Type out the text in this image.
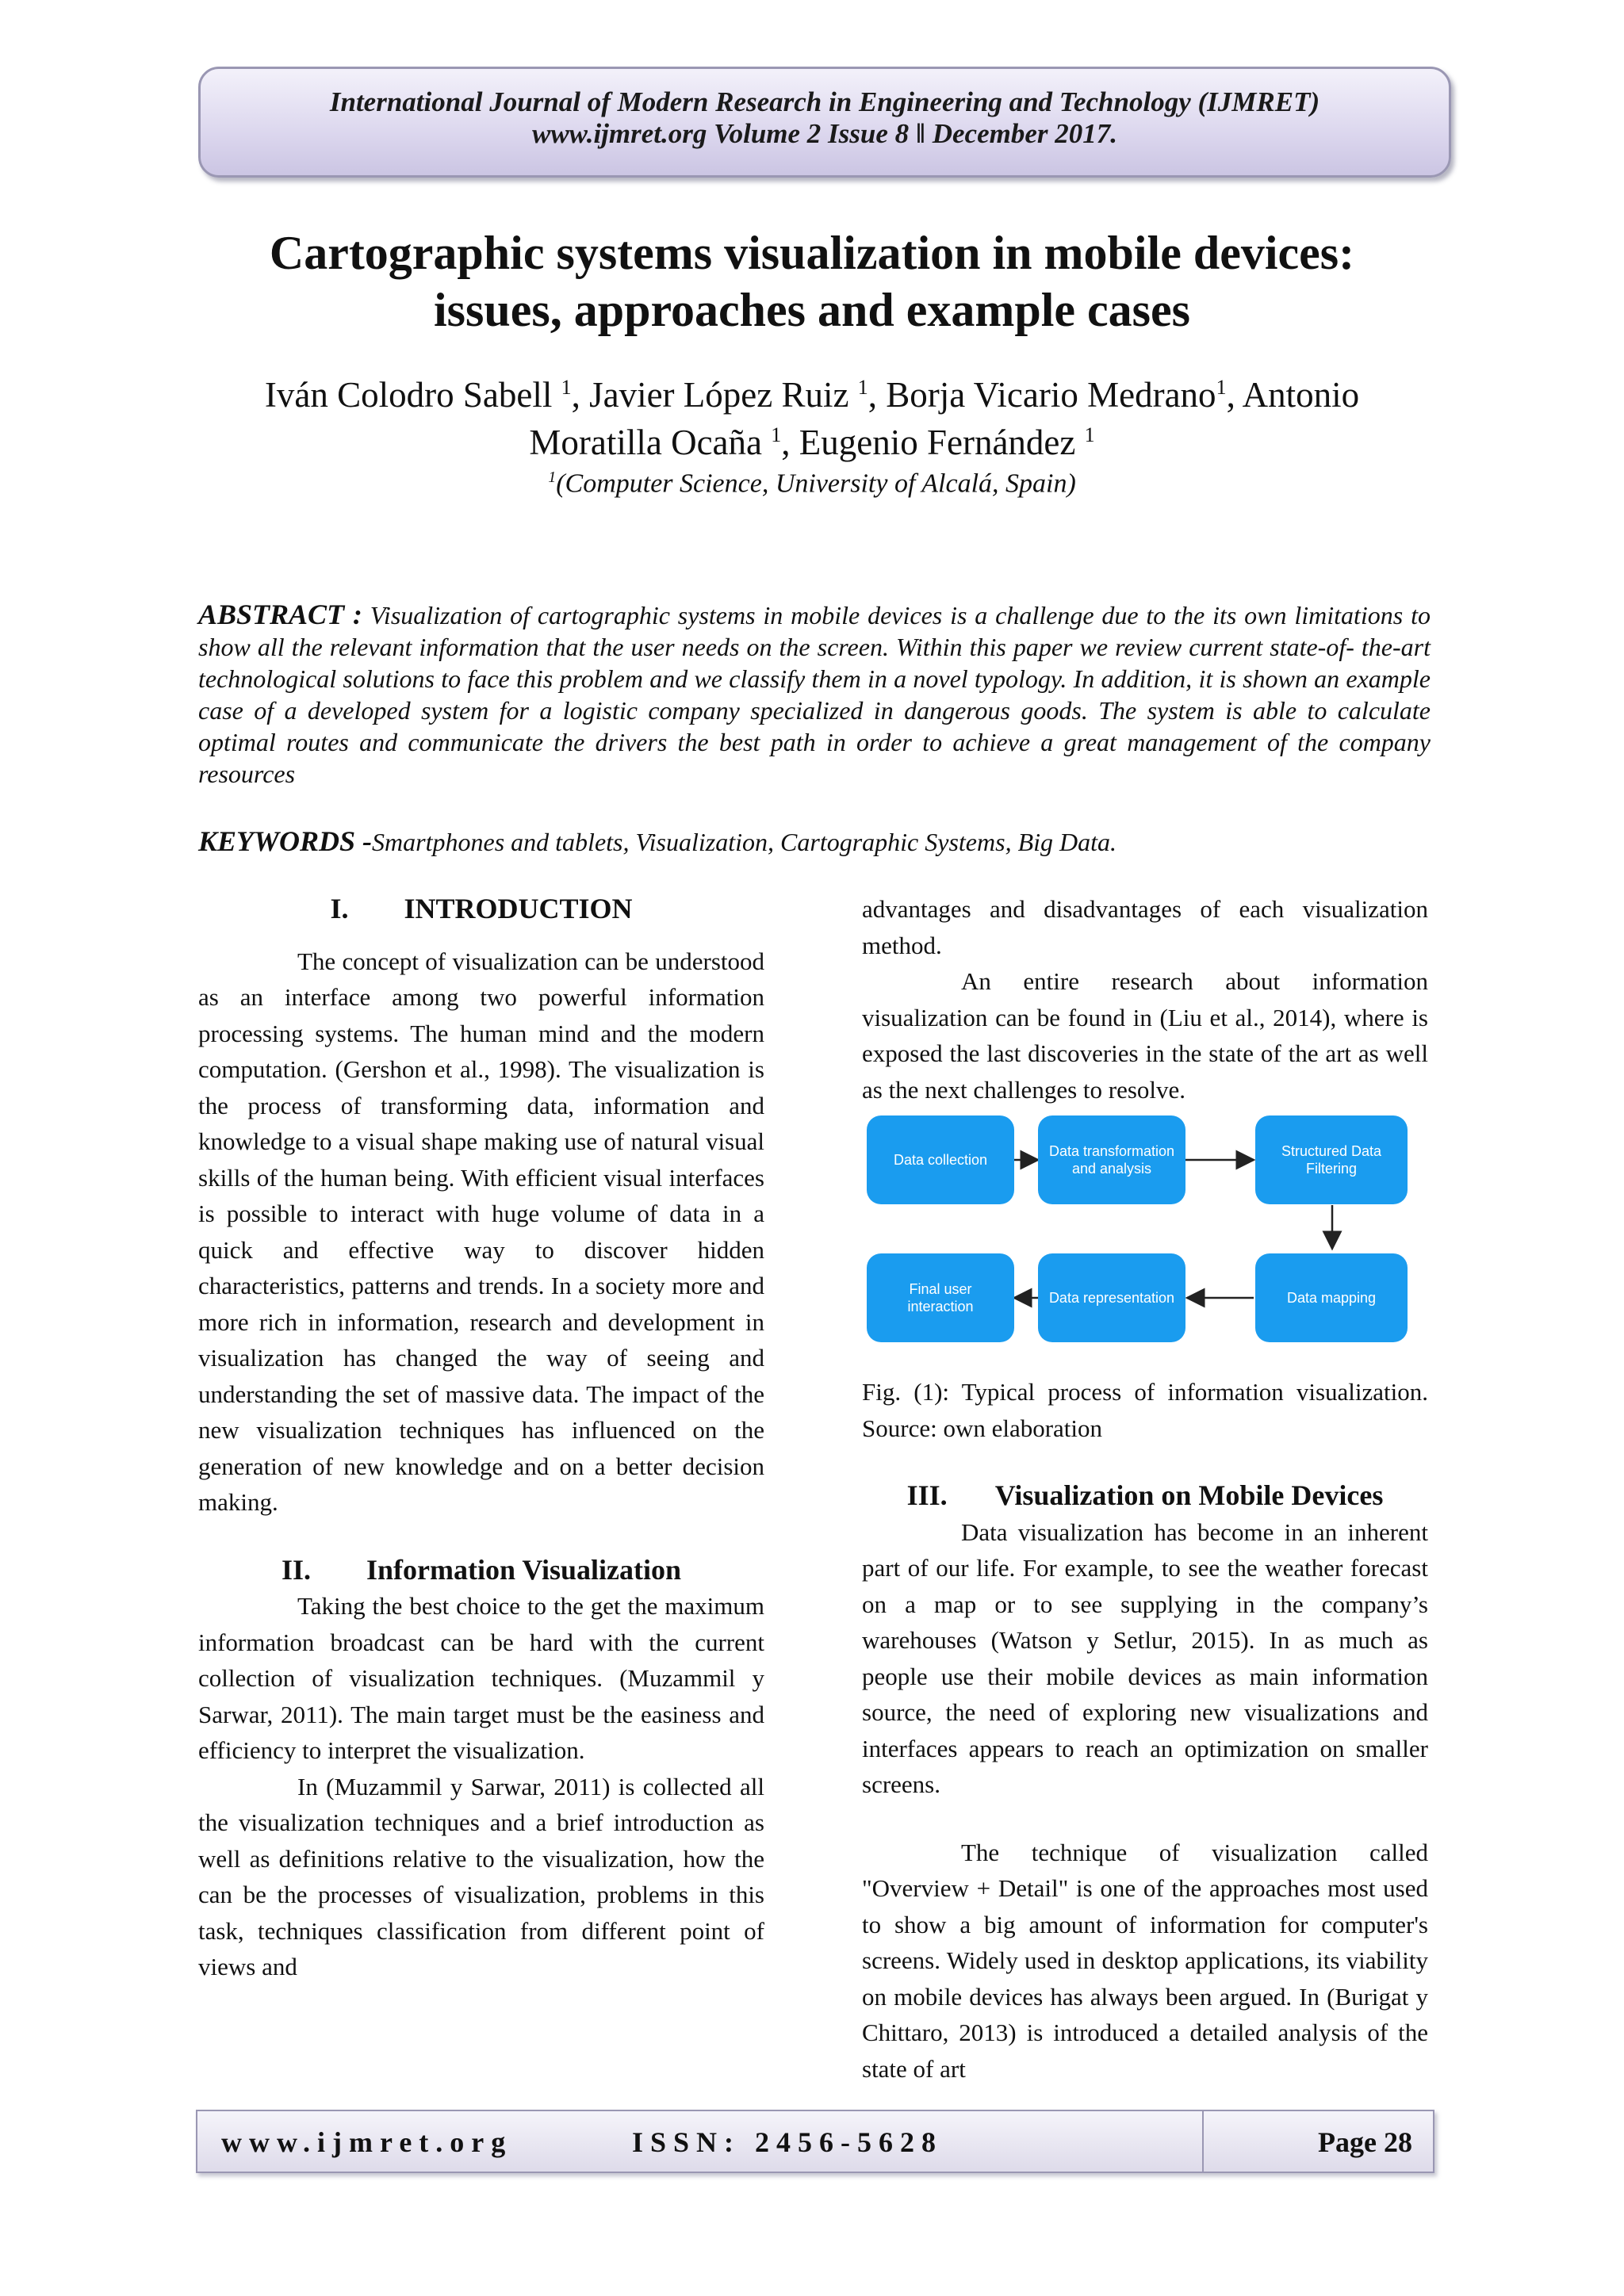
International Journal of Modern Research in Engineering and Technology (IJMRET)
www.ijmret.org Volume 2 Issue 8 ǁ December 2017.
Cartographic systems visualization in mobile devices:
issues, approaches and example cases
Iván Colodro Sabell $^1$, Javier López Ruiz $^1$, Borja Vicario Medrano$^1$, Antonio
Moratilla Ocaña $^1$, Eugenio Fernández $^1$
$^1$(Computer Science, University of Alcalá, Spain)
ABSTRACT : Visualization of cartographic systems in mobile devices is a challenge due to the its own limitations to show all the relevant information that the user needs on the screen. Within this paper we review current state-of- the-art technological solutions to face this problem and we classify them in a novel typology. In addition, it is shown an example case of a developed system for a logistic company specialized in dangerous goods. The system is able to calculate optimal routes and communicate the drivers the best path in order to achieve a great management of the company resources
KEYWORDS -Smartphones and tablets, Visualization, Cartographic Systems, Big Data.

I. INTRODUCTION

The concept of visualization can be understood as an interface among two powerful information processing systems. The human mind and the modern computation. (Gershon et al., 1998). The visualization is the process of transforming data, information and knowledge to a visual shape making use of natural visual skills of the human being. With efficient visual interfaces is possible to interact with huge volume of data in a quick and effective way to discover hidden characteristics, patterns and trends. In a society more and more rich in information, research and development in visualization has changed the way of seeing and understanding the set of massive data. The impact of the new visualization techniques has influenced on the generation of new knowledge and on a better decision making.

II. Information Visualization

Taking the best choice to the get the maximum information broadcast can be hard with the current collection of visualization techniques. (Muzammil y Sarwar, 2011). The main target must be the easiness and efficiency to interpret the visualization.

In (Muzammil y Sarwar, 2011) is collected all the visualization techniques and a brief introduction as well as definitions relative to the visualization, how the can be the processes of visualization, problems in this task, techniques classification from different point of views and

advantages and disadvantages of each visualization method.

An entire research about information visualization can be found in (Liu et al., 2014), where is exposed the last discoveries in the state of the art as well as the next challenges to resolve.

Data collection
Data transformation and analysis
Structured Data Filtering
Final user interaction
Data representation	Data mapping

Fig. (1): Typical process of information visualization. Source: own elaboration

III. Visualization on Mobile Devices

Data visualization has become in an inherent part of our life. For example, to see the weather forecast on a map or to see supplying in the company’s warehouses (Watson y Setlur, 2015). In as much as people use their mobile devices as main information source, the need of exploring new visualizations and interfaces appears to reach an optimization on smaller screens.

The technique of visualization called "Overview + Detail" is one of the approaches most used to show a big amount of information for computer's screens. Widely used in desktop applications, its viability on mobile devices has always been argued. In (Burigat y Chittaro, 2013) is introduced a detailed analysis of the state of art

www.ijmret.org	ISSN: 2456-5628	Page 28
